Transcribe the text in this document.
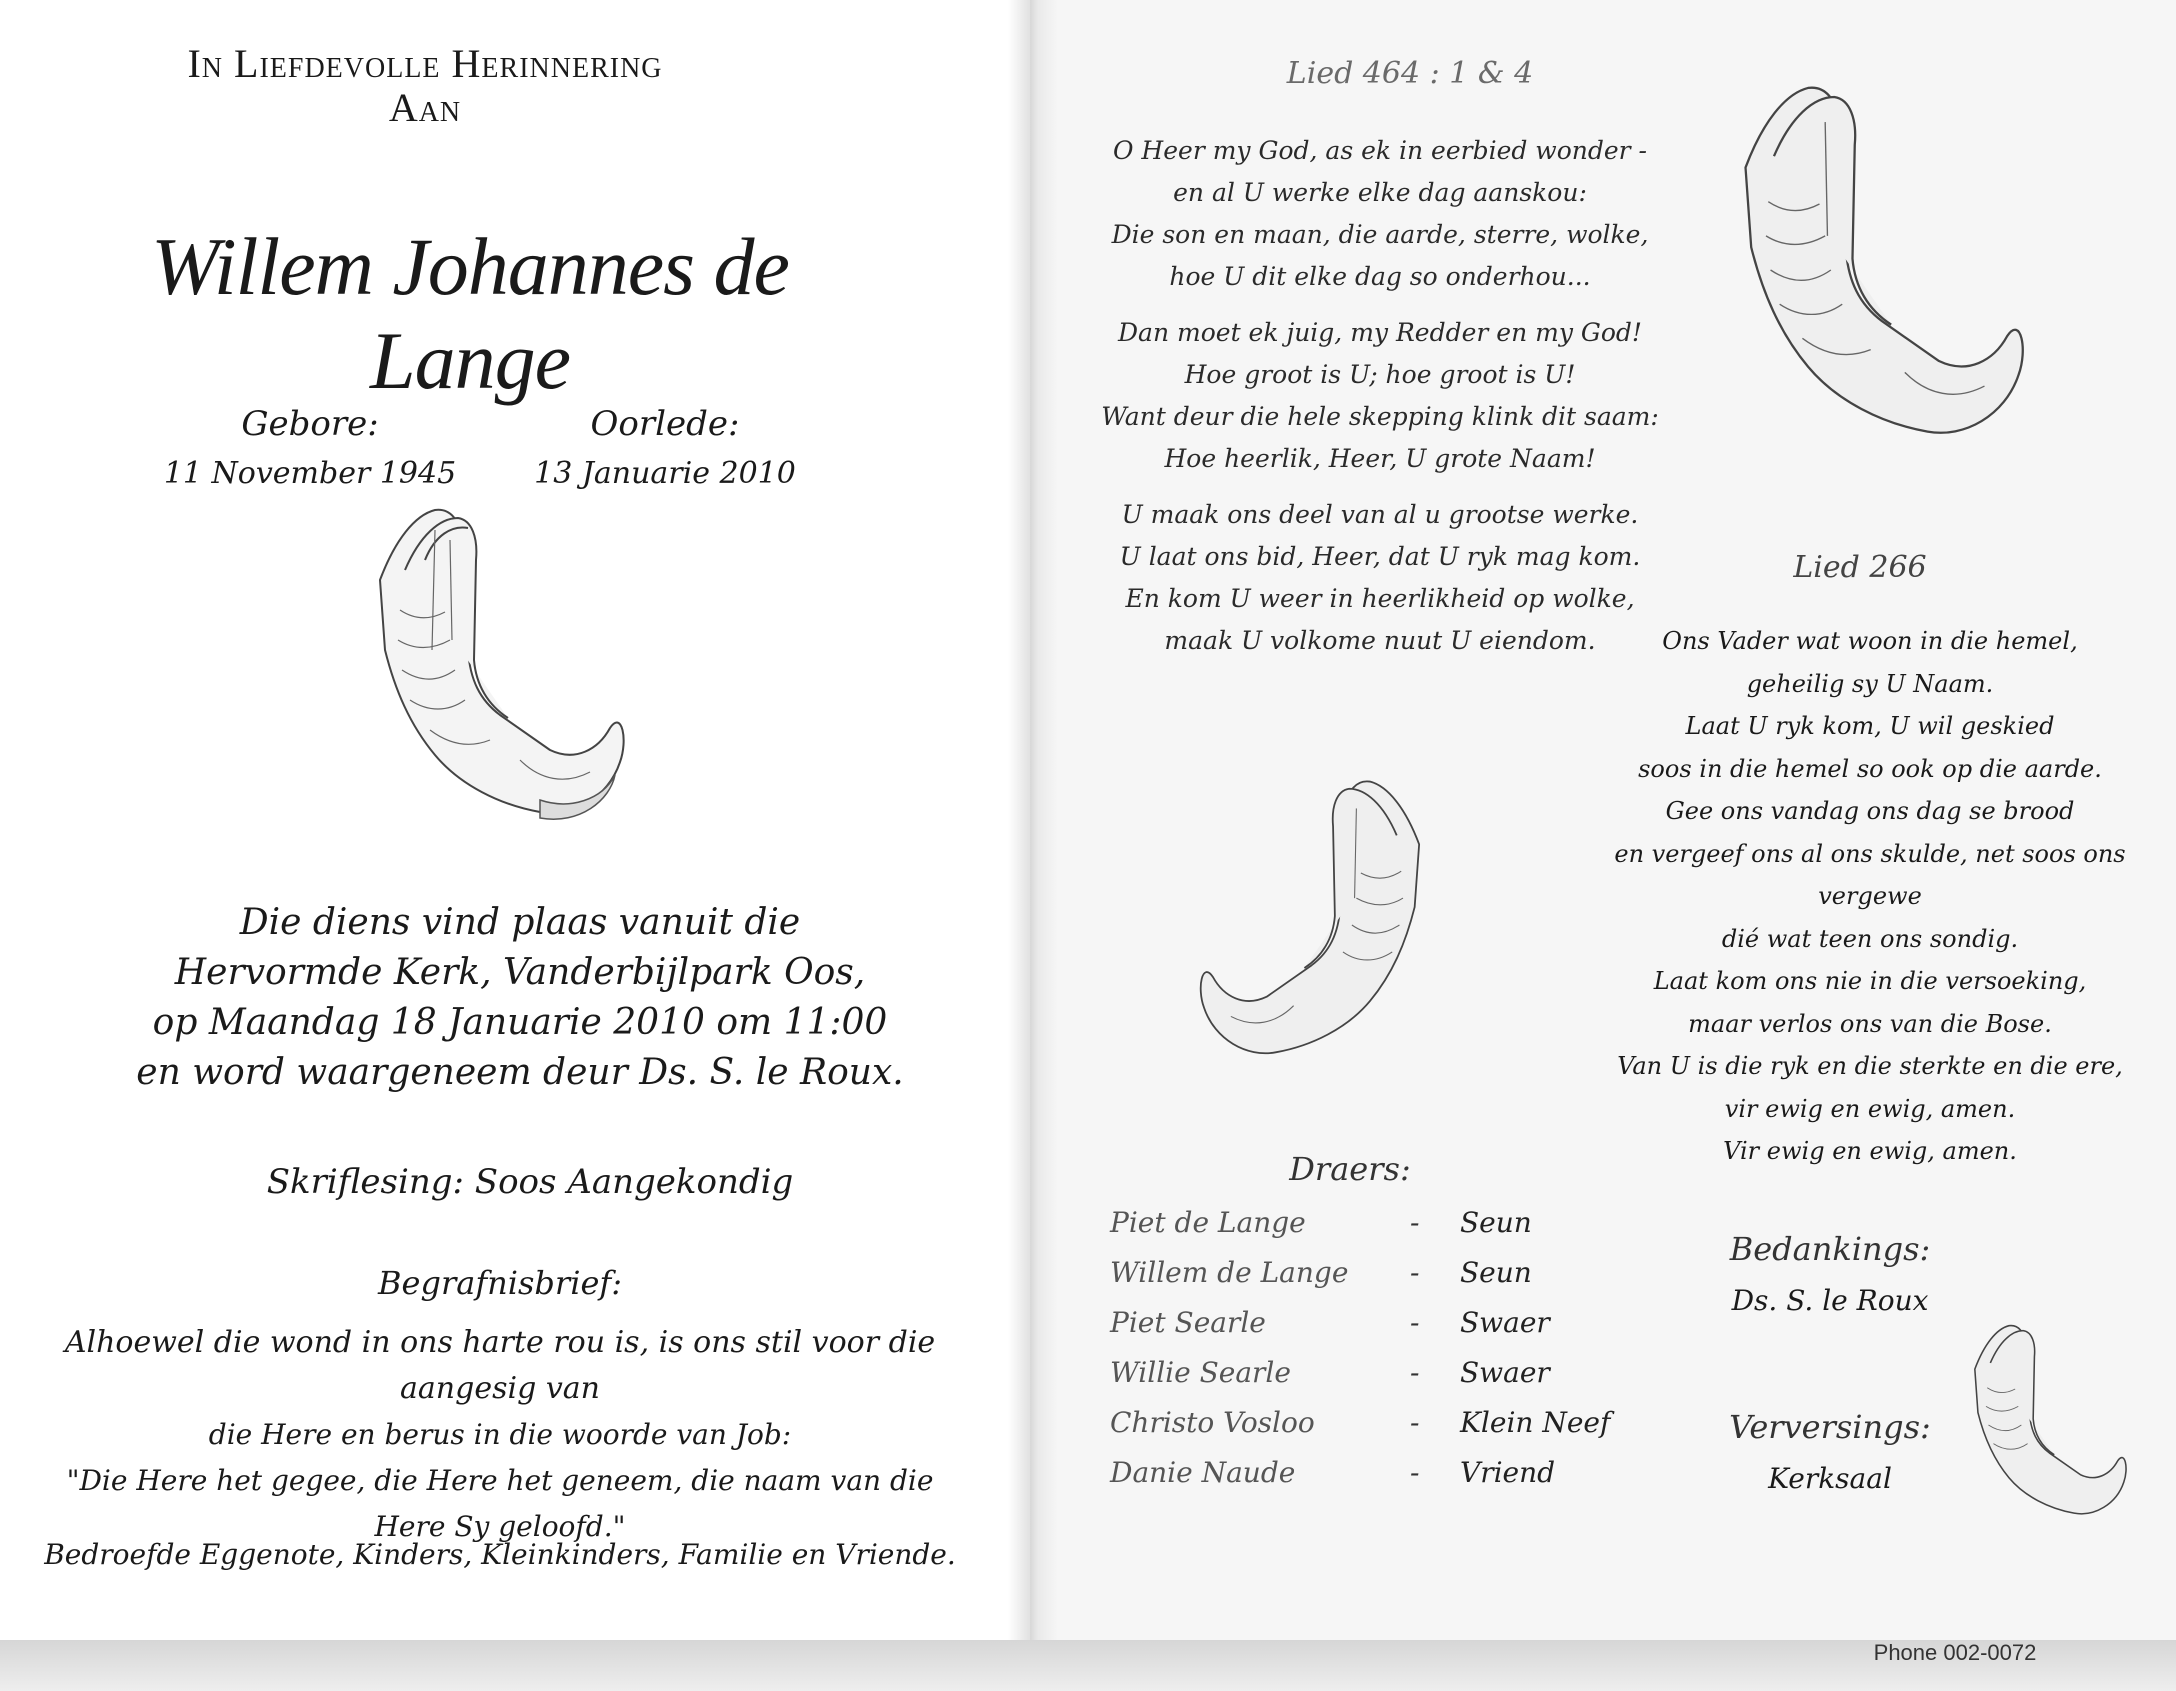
In Liefdevolle Herinnering
Aan
Willem Johannes de Lange
Gebore:
11 November 1945
Oorlede:
13 Januarie 2010
Die diens vind plaas vanuit die
Hervormde Kerk, Vanderbijlpark Oos,
op Maandag 18 Januarie 2010 om 11:00
en word waargeneem deur Ds. S. le Roux.
Skriflesing: Soos Aangekondig
Begrafnisbrief:
Alhoewel die wond in ons harte rou is, is ons stil voor die aangesig van
die Here en berus in die woorde van Job:
"Die Here het gegee, die Here het geneem, die naam van die
Here Sy geloofd."
Bedroefde Eggenote, Kinders, Kleinkinders, Familie en Vriende.
Lied 464 : 1 & 4
O Heer my God, as ek in eerbied wonder -
en al U werke elke dag aanskou:
Die son en maan, die aarde, sterre, wolke,
hoe U dit elke dag so onderhou...
Dan moet ek juig, my Redder en my God!
Hoe groot is U; hoe groot is U!
Want deur die hele skepping klink dit saam:
Hoe heerlik, Heer, U grote Naam!
U maak ons deel van al u grootse werke.
U laat ons bid, Heer, dat U ryk mag kom.
En kom U weer in heerlikheid op wolke,
maak U volkome nuut U eiendom.
Lied 266
Ons Vader wat woon in die hemel,
geheilig sy U Naam.
Laat U ryk kom, U wil geskied
soos in die hemel so ook op die aarde.
Gee ons vandag ons dag se brood
en vergeef ons al ons skulde, net soos ons vergewe
dié wat teen ons sondig.
Laat kom ons nie in die versoeking,
maar verlos ons van die Bose.
Van U is die ryk en die sterkte en die ere,
vir ewig en ewig, amen.
Vir ewig en ewig, amen.
Draers:
Piet de Lange	-	Seun
Willem de Lange	-	Seun
Piet Searle	-	Swaer
Willie Searle	-	Swaer
Christo Vosloo	-	Klein Neef
Danie Naude	-	Vriend
Bedankings:
Ds. S. le Roux
Verversings:
Kerksaal
Phone 002-0072
